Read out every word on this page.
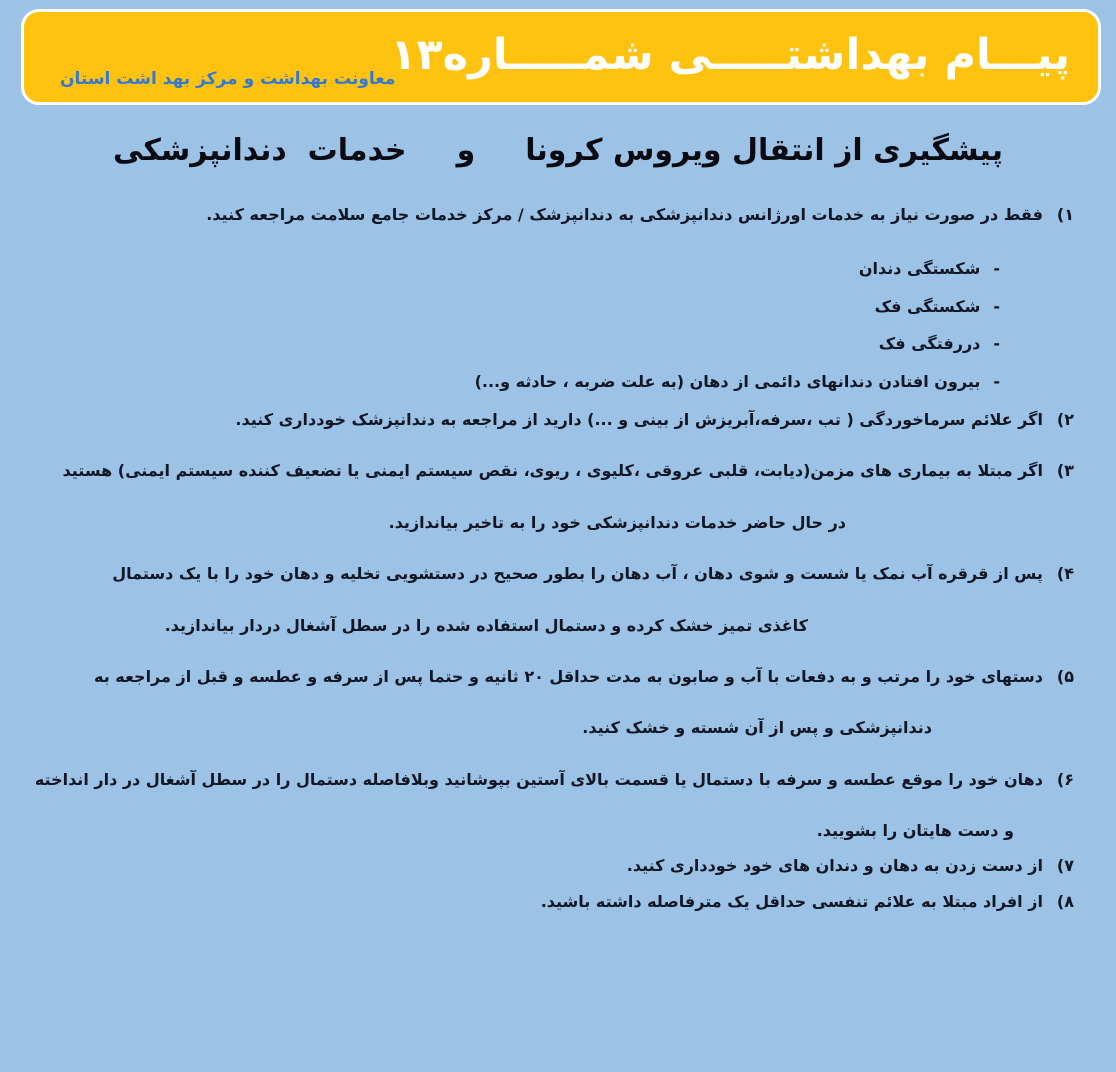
پیـــام بهداشتـــــی شمـــــاره۱۳
معاونت بهداشت و مرکز بهد اشت استان
پیشگیری از انتقال ویروس کرونا
و
خدمات  دندانپزشکی
۱)
فقط در صورت نیاز به خدمات اورژانس دندانپزشکی به دندانپزشک / مرکز خدمات جامع سلامت مراجعه کنید.
-
شکستگی دندان
-
شکستگی فک
-
دررفتگی فک
-
بیرون افتادن دندانهای دائمی از دهان (به علت ضربه ، حادثه و...)
۲)
اگر علائم سرماخوردگی ( تب ،سرفه،آبریزش از بینی و ...) دارید از مراجعه به دندانپزشک خودداری کنید.
۳)
اگر مبتلا به بیماری های مزمن(دیابت، قلبی عروقی ،کلیوی ، ریوی، نقص سیستم ایمنی یا تضعیف کننده سیستم ایمنی) هستید
در حال حاضر خدمات دندانپزشکی خود را به تاخیر بیاندازید.
۴)
پس از قرقره آب نمک یا شست و شوی دهان ، آب دهان را بطور صحیح در دستشویی تخلیه و دهان خود را با یک دستمال
کاغذی تمیز خشک کرده و دستمال استفاده شده را در سطل آشغال دردار بیاندازید.
۵)
دستهای خود را مرتب و به دفعات با آب و صابون به مدت حداقل ۲۰ ثانیه و حتما پس از سرفه و عطسه و قبل از مراجعه به
دندانپزشکی و پس از آن شسته و خشک کنید.
۶)
دهان خود را موقع عطسه و سرفه با دستمال یا قسمت بالای آستین بپوشانید وبلافاصله دستمال را در سطل آشغال در دار انداخته
و دست هایتان را بشویید.
۷)
از دست زدن به دهان و دندان های خود خودداری کنید.
۸)
از افراد مبتلا به علائم تنفسی حداقل یک مترفاصله داشته باشید.
